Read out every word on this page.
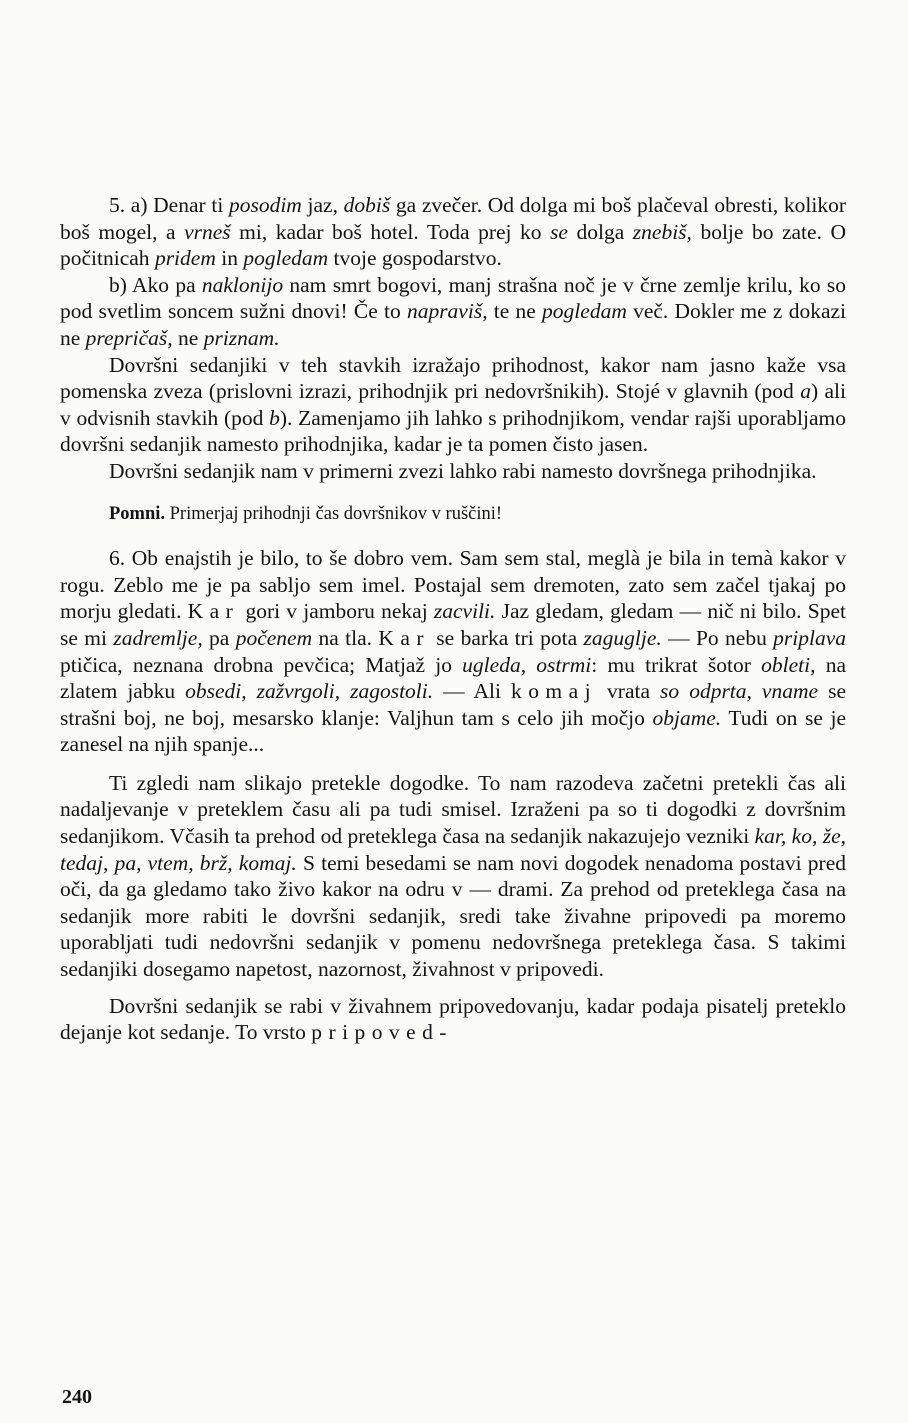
5. a) Denar ti posodim jaz, dobiš ga zvečer. Od dolga mi boš plačeval obresti, kolikor boš mogel, a vrneš mi, kadar boš hotel. Toda prej ko se dolga znebiš, bolje bo zate. O počitnicah pridem in pogledam tvoje gospodarstvo.

b) Ako pa naklonijo nam smrt bogovi, manj strašna noč je v črne zemlje krilu, ko so pod svetlim soncem sužni dnovi! Če to napraviš, te ne pogledam več. Dokler me z dokazi ne prepričaš, ne priznam.

Dovršni sedanjiki v teh stavkih izražajo prihodnost, kakor nam jasno kaže vsa pomenska zveza (prislovni izrazi, prihodnjik pri nedovršnikih). Stojé v glavnih (pod a) ali v odvisnih stavkih (pod b). Zamenjamo jih lahko s prihodnjikom, vendar rajši uporabljamo dovršni sedanjik namesto prihodnjika, kadar je ta pomen čisto jasen.

Dovršni sedanjik nam v primerni zvezi lahko rabi namesto dovršnega prihodnjika.

Pomni. Primerjaj prihodnji čas dovršnikov v ruščini!

6. Ob enajstih je bilo, to še dobro vem. Sam sem stal, meglà je bila in temà kakor v rogu. Zeblo me je pa sabljo sem imel. Postajal sem dremoten, zato sem začel tjakaj po morju gledati. Kar gori v jamboru nekaj zacvili. Jaz gledam, gledam — nič ni bilo. Spet se mi zadremlje, pa počenem na tla. Kar se barka tri pota zaguglje. — Po nebu priplava ptičica, neznana drobna pevčica; Matjaž jo ugleda, ostrmi: mu trikrat šotor obleti, na zlatem jabku obsedi, zažvrgoli, zagostoli. — Ali komaj vrata so odprta, vname se strašni boj, ne boj, mesarsko klanje: Valjhun tam s celo jih močjo objame. Tudi on se je zanesel na njih spanje...

Ti zgledi nam slikajo pretekle dogodke. To nam razodeva začetni pretekli čas ali nadaljevanje v preteklem času ali pa tudi smisel. Izraženi pa so ti dogodki z dovršnim sedanjikom. Včasih ta prehod od preteklega časa na sedanjik nakazujejo vezniki kar, ko, že, tedaj, pa, vtem, brž, komaj. S temi besedami se nam novi dogodek nenadoma postavi pred oči, da ga gledamo tako živo kakor na odru v — drami. Za prehod od preteklega časa na sedanjik more rabiti le dovršni sedanjik, sredi take živahne pripovedi pa moremo uporabljati tudi nedovršni sedanjik v pomenu nedovršnega preteklega časa. S takimi sedanjiki dosegamo napetost, nazornost, živahnost v pripovedi.

Dovršni sedanjik se rabi v živahnem pripovedovanju, kadar podaja pisatelj preteklo dejanje kot sedanje. To vrsto pripoved-

240
